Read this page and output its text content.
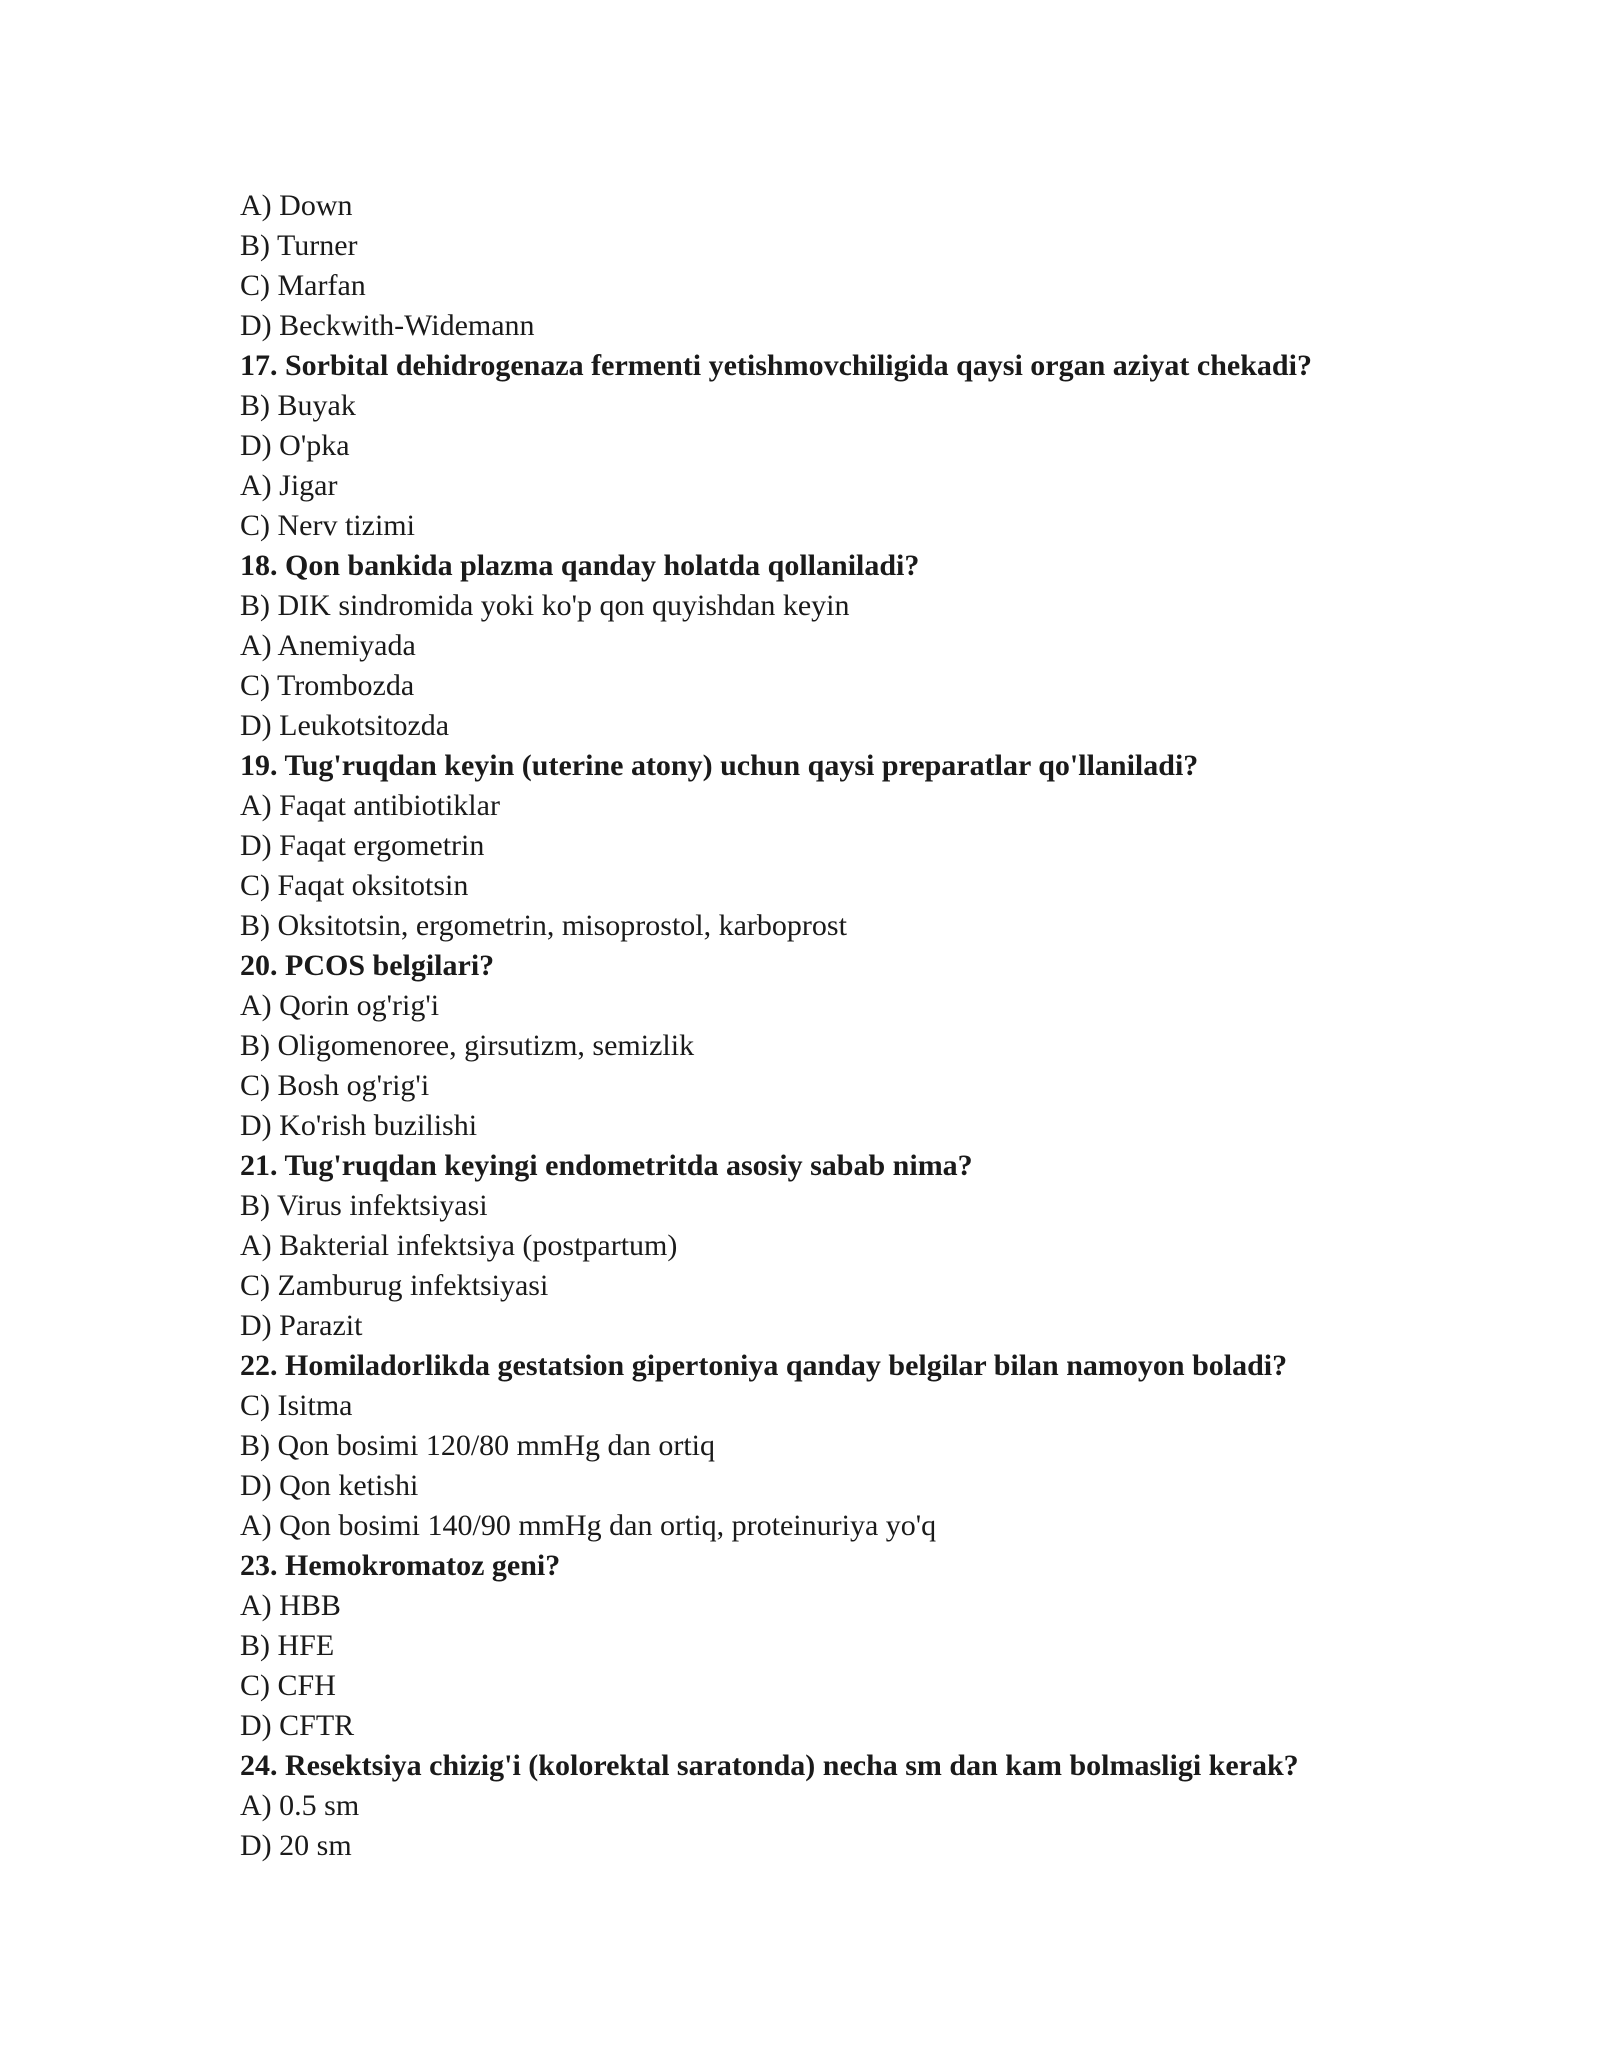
A) Down
B) Turner
C) Marfan
D) Beckwith-Widemann
17. Sorbital dehidrogenaza fermenti yetishmovchiligida qaysi organ aziyat chekadi?
B) Buyak
D) O'pka
A) Jigar
C) Nerv tizimi
18. Qon bankida plazma qanday holatda qollaniladi?
B) DIK sindromida yoki ko'p qon quyishdan keyin
A) Anemiyada
C) Trombozda
D) Leukotsitozda
19. Tug'ruqdan keyin (uterine atony) uchun qaysi preparatlar qo'llaniladi?
A) Faqat antibiotiklar
D) Faqat ergometrin
C) Faqat oksitotsin
B) Oksitotsin, ergometrin, misoprostol, karboprost
20. PCOS belgilari?
A) Qorin og'rig'i
B) Oligomenoree, girsutizm, semizlik
C) Bosh og'rig'i
D) Ko'rish buzilishi
21. Tug'ruqdan keyingi endometritda asosiy sabab nima?
B) Virus infektsiyasi
A) Bakterial infektsiya (postpartum)
C) Zamburug infektsiyasi
D) Parazit
22. Homiladorlikda gestatsion gipertoniya qanday belgilar bilan namoyon boladi?
C) Isitma
B) Qon bosimi 120/80 mmHg dan ortiq
D) Qon ketishi
A) Qon bosimi 140/90 mmHg dan ortiq, proteinuriya yo'q
23. Hemokromatoz geni?
A) HBB
B) HFE
C) CFH
D) CFTR
24. Resektsiya chizig'i (kolorektal saratonda) necha sm dan kam bolmasligi kerak?
A) 0.5 sm
D) 20 sm
